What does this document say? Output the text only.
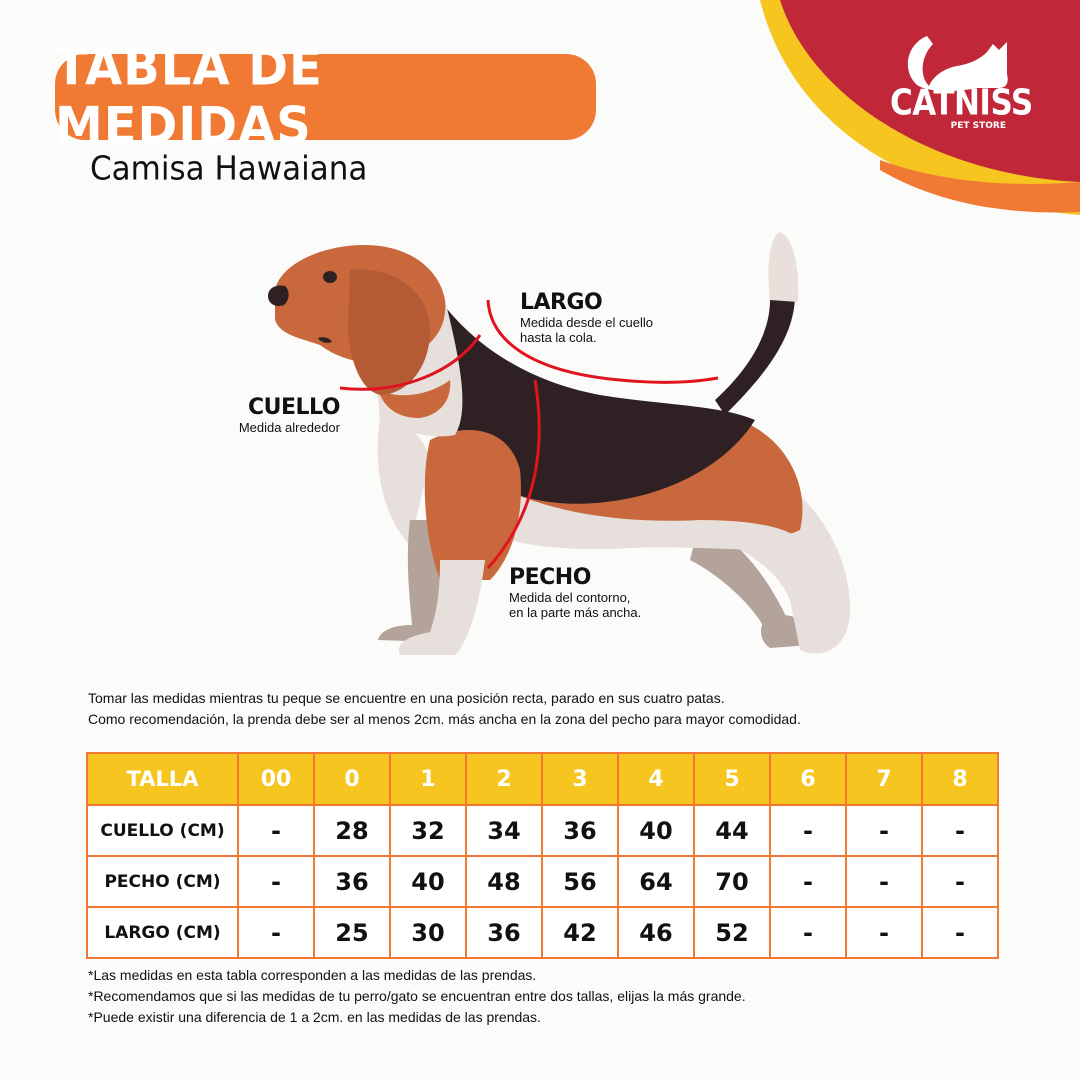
CATNISS
PET STORE
TABLA DE MEDIDAS
Camisa Hawaiana
LARGO
Medida desde el cuello
hasta la cola.
CUELLO
Medida alrededor
PECHO
Medida del contorno,
en la parte más ancha.
Tomar las medidas mientras tu peque se encuentre en una posición recta, parado en sus cuatro patas.
Como recomendación, la prenda debe ser al menos 2cm. más ancha en la zona del pecho para mayor comodidad.
TALLA	00	0	1	2	3	4	5	6	7	8
CUELLO (CM)	-	28	32	34	36	40	44	-	-	-
PECHO (CM)	-	36	40	48	56	64	70	-	-	-
LARGO (CM)	-	25	30	36	42	46	52	-	-	-
*Las medidas en esta tabla corresponden a las medidas de las prendas.
*Recomendamos que si las medidas de tu perro/gato se encuentran entre dos tallas, elijas la más grande.
*Puede existir una diferencia de 1 a 2cm. en las medidas de las prendas.
